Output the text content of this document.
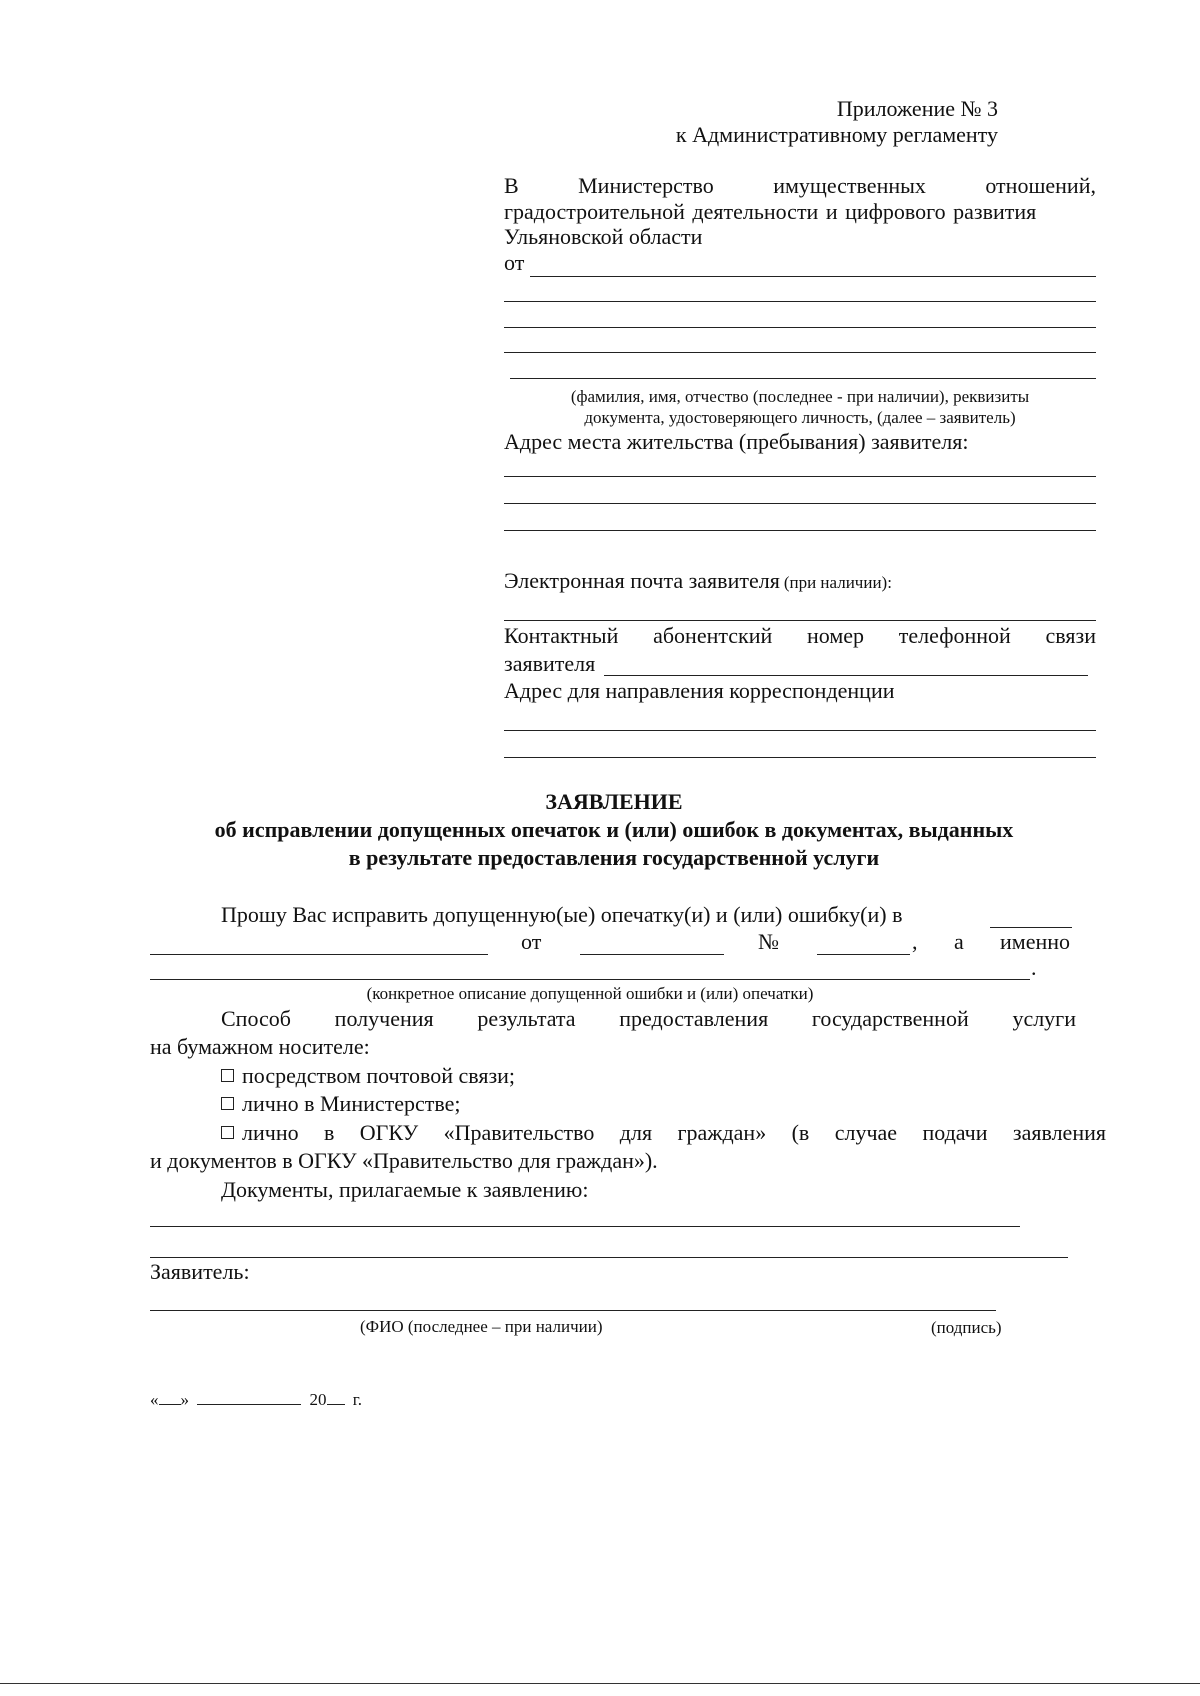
Приложение № 3
к Административному регламенту
В	Министерство	имущественных	отношений,
градостроительной деятельности и цифрового развития
Ульяновской области
от
(фамилия, имя, отчество (последнее - при наличии), реквизиты
документа, удостоверяющего личность, (далее – заявитель)
Адрес места жительства (пребывания) заявителя:
Электронная почта заявителя (при наличии):
Контактный абонентский номер телефонной связи
заявителя
Адрес для направления корреспонденции
ЗАЯВЛЕНИЕ
об исправлении допущенных опечаток и (или) ошибок в документах, выданных
в результате предоставления государственной услуги
Прошу Вас исправить допущенную(ые) опечатку(и) и (или) ошибку(и) в
от	№	, а именно
.
(конкретное описание допущенной ошибки и (или) опечатки)
Способ получения результата предоставления государственной услуги
на бумажном носителе:
посредством почтовой связи;
лично в Министерстве;
лично в ОГКУ «Правительство для граждан» (в случае подачи заявления
и документов в ОГКУ «Правительство для граждан»).
Документы, прилагаемые к заявлению:
Заявитель:
(ФИО (последнее – при наличии)	(подпись)
« »	20 г.
